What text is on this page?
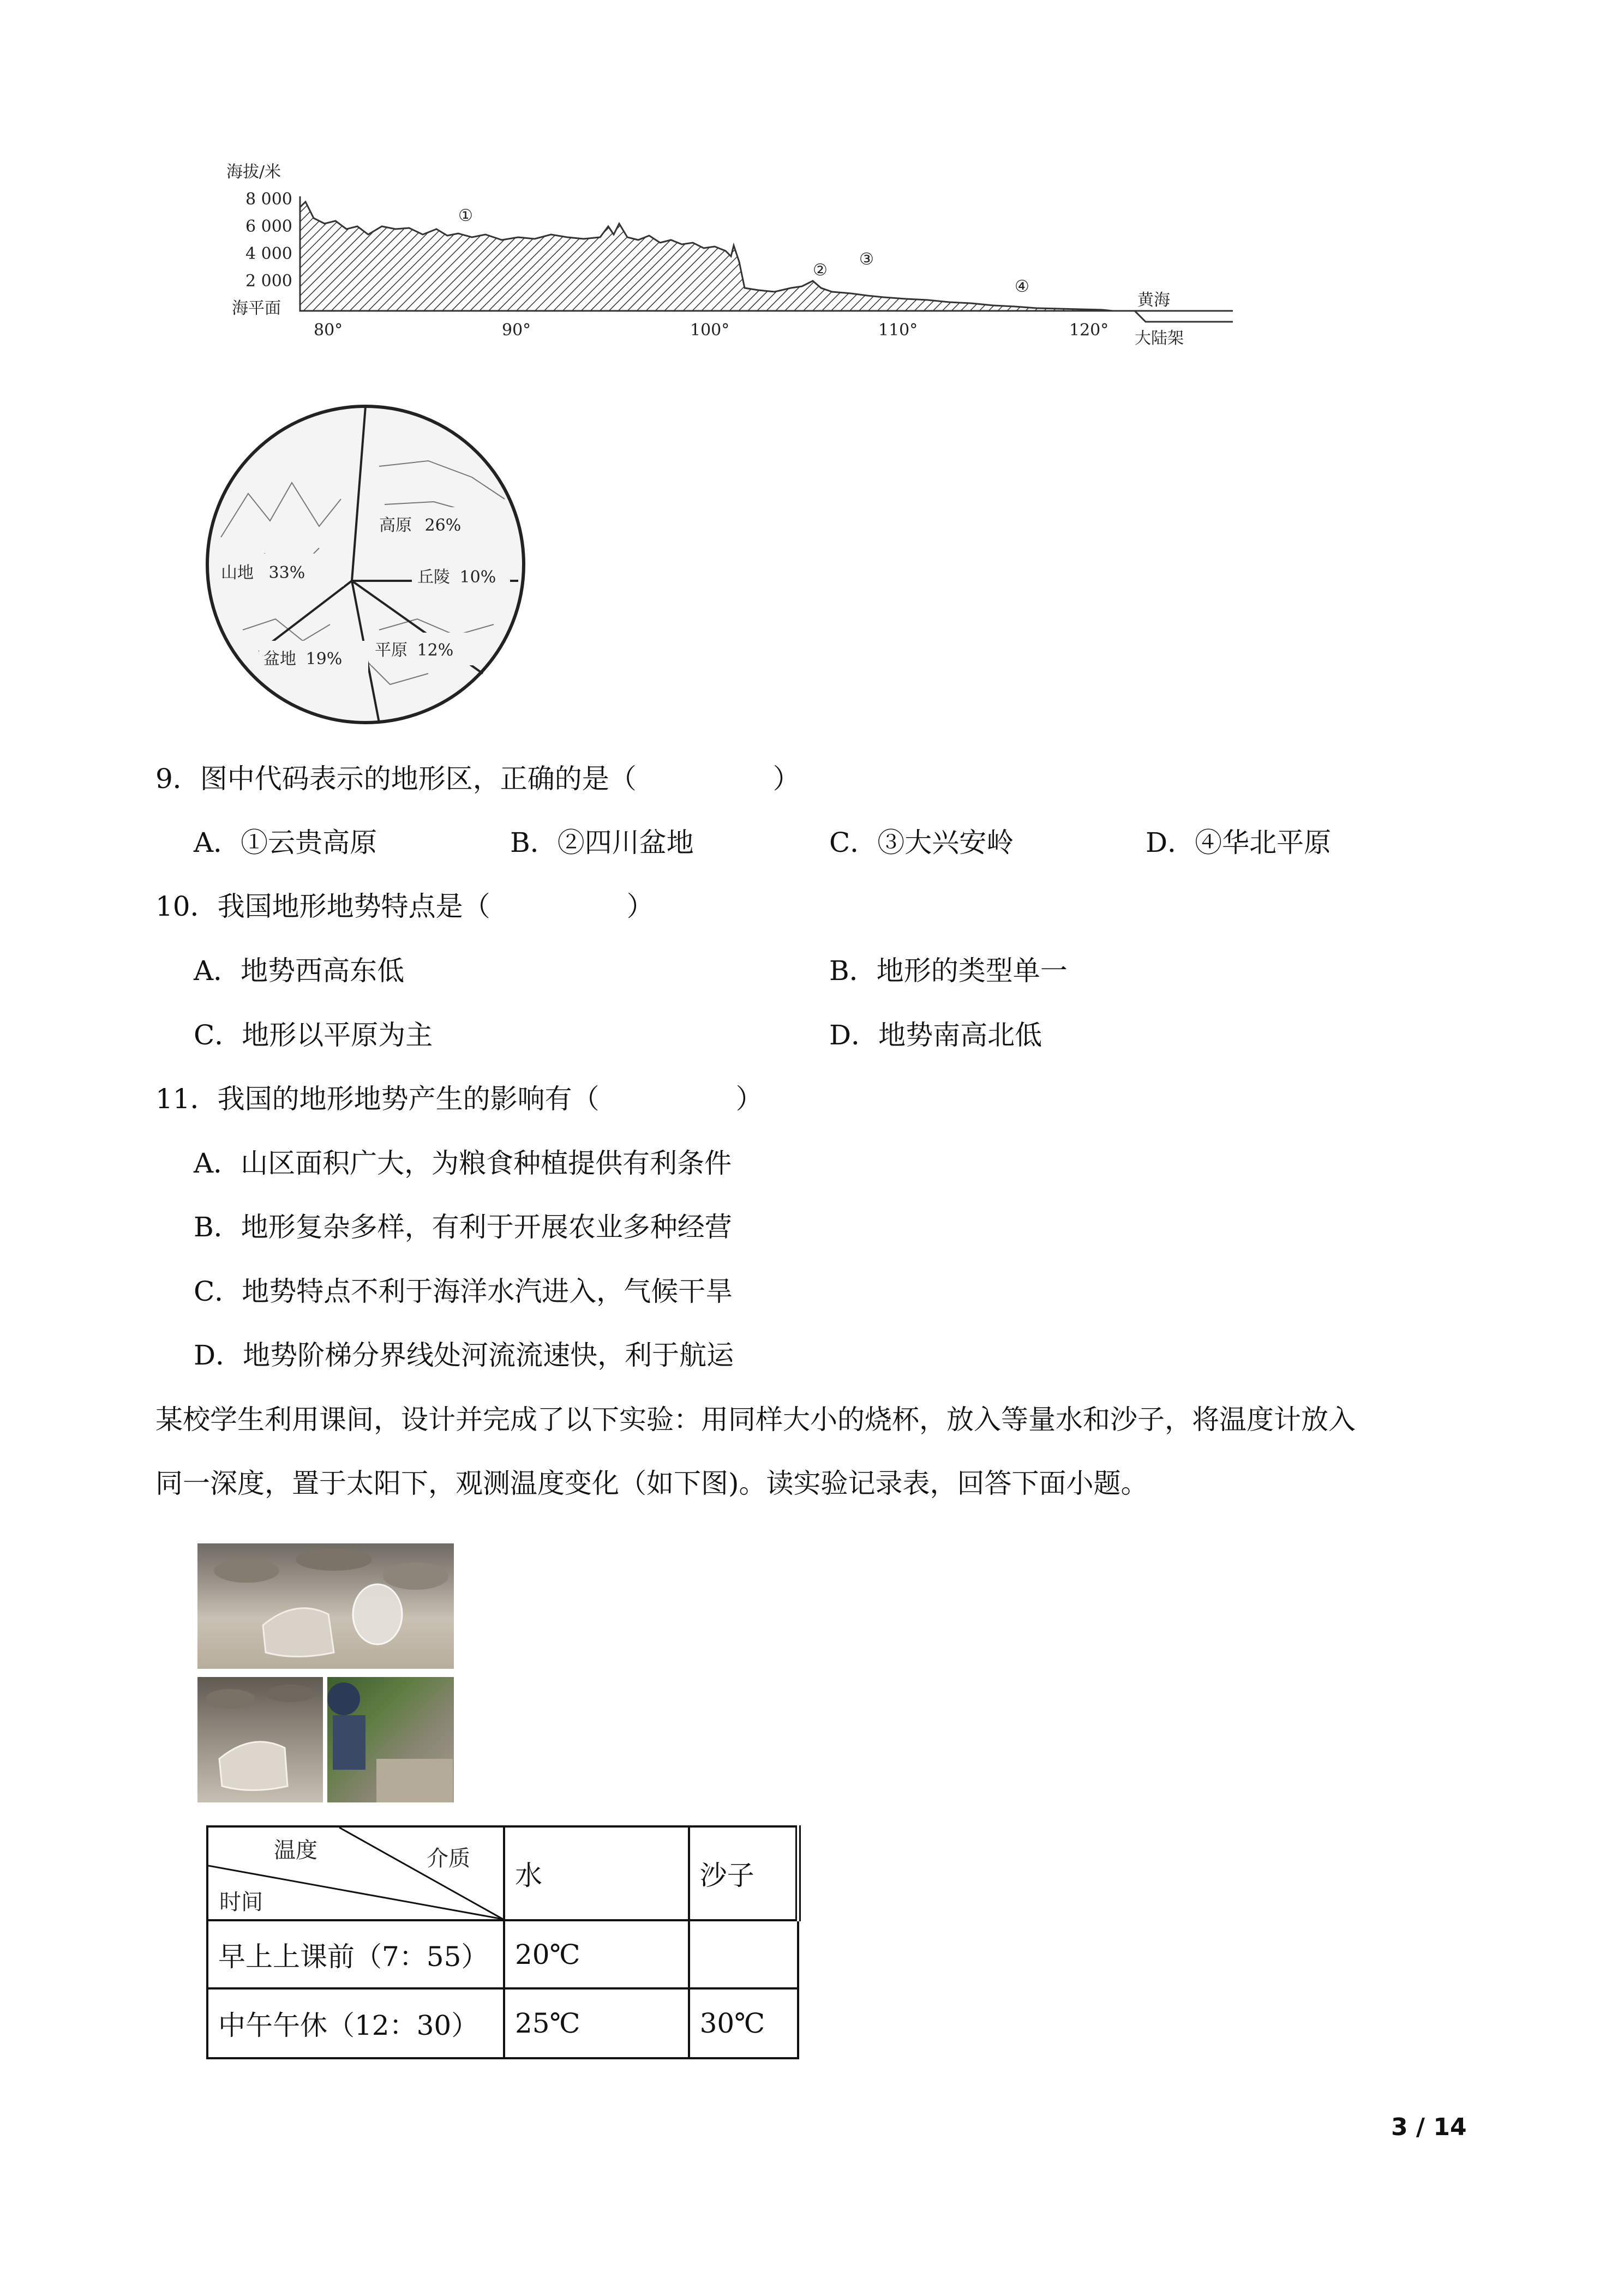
海拔/米
8 000
6 000
4 000
2 000
海平面
①
②
③
④
黄海
大陆架
80°	90°	100°	110°	120°
高原 26%
山地 33%	丘陵 10%
盆地 19% 平原 12%
9．图中代码表示的地形区，正确的是（　　　　　）
A．①云贵高原	B．②四川盆地	C．③大兴安岭	D．④华北平原
10．我国地形地势特点是（　　　　　）
A．地势西高东低	B．地形的类型单一
C．地形以平原为主	D．地势南高北低
11．我国的地形地势产生的影响有（　　　　　）
A．山区面积广大，为粮食种植提供有利条件
B．地形复杂多样，有利于开展农业多种经营
C．地势特点不利于海洋水汽进入，气候干旱
D．地势阶梯分界线处河流流速快，利于航运
某校学生利用课间，设计并完成了以下实验：用同样大小的烧杯，放入等量水和沙子，将温度计放入
同一深度，置于太阳下，观测温度变化（如下图)。读实验记录表，回答下面小题。
温度 介质
时间	水	沙子
早上上课前（7：55）	20℃	
中午午休（12：30）	25℃	30℃
3 / 14
